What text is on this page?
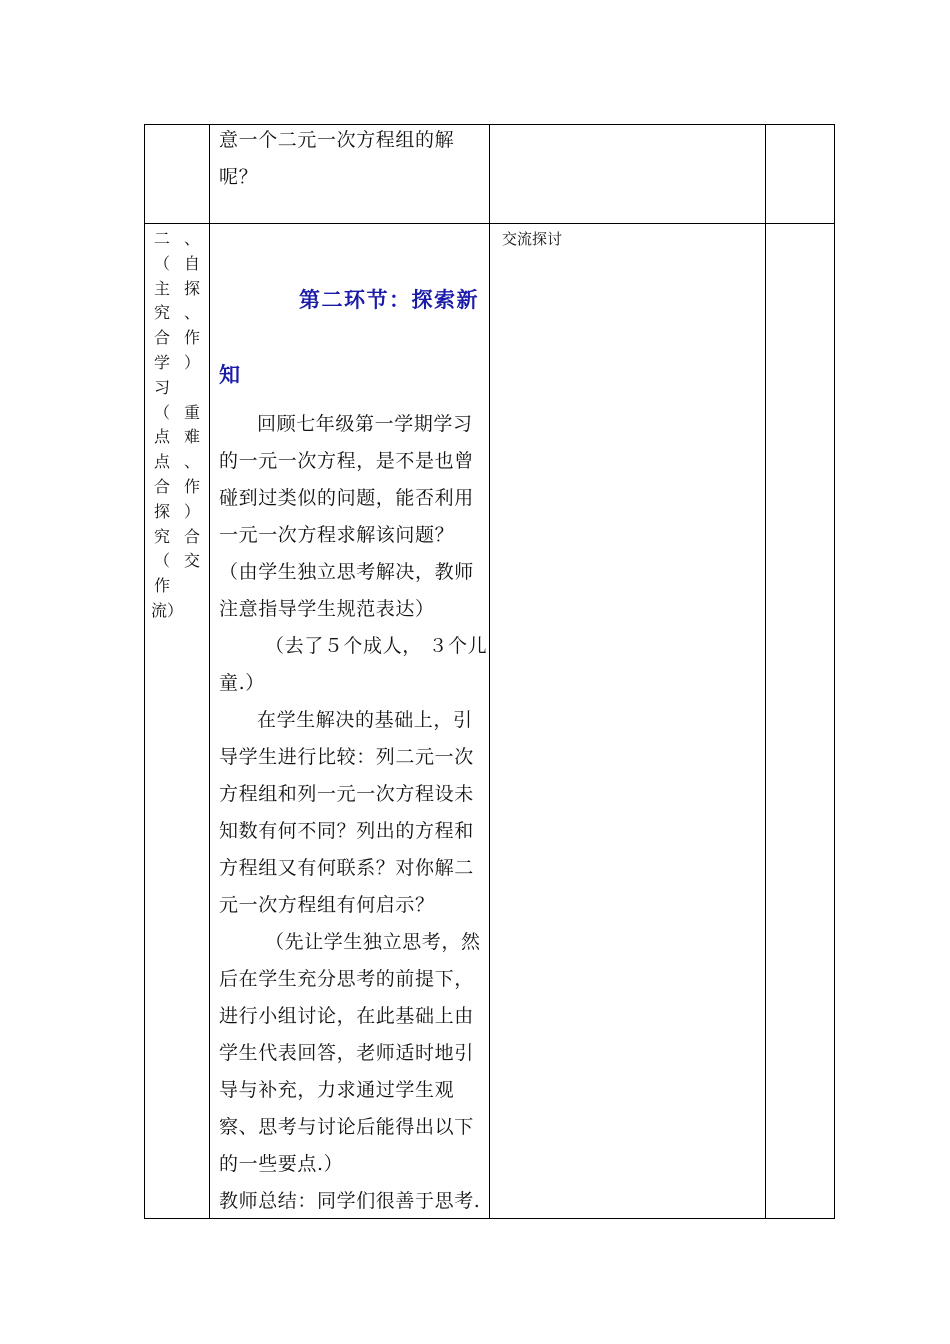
意一个二元一次方程组的解
呢？
二
（
主
究
合
学
习
（
点
点
合
探
究
（
作
流）
、
自
探
、
作
）
重
难
、
作
）
合
交
第二环节：探索新
知
回顾七年级第一学期学习
的一元一次方程，是不是也曾
碰到过类似的问题，能否利用
一元一次方程求解该问题？
（由学生独立思考解决，教师
注意指导学生规范表达）
（去了５个成人， ３个儿
童.）
在学生解决的基础上，引
导学生进行比较：列二元一次
方程组和列一元一次方程设未
知数有何不同？列出的方程和
方程组又有何联系？对你解二
元一次方程组有何启示？
（先让学生独立思考，然
后在学生充分思考的前提下，
进行小组讨论，在此基础上由
学生代表回答，老师适时地引
导与补充，力求通过学生观
察、思考与讨论后能得出以下
的一些要点.）
教师总结：同学们很善于思考.
交流探讨
